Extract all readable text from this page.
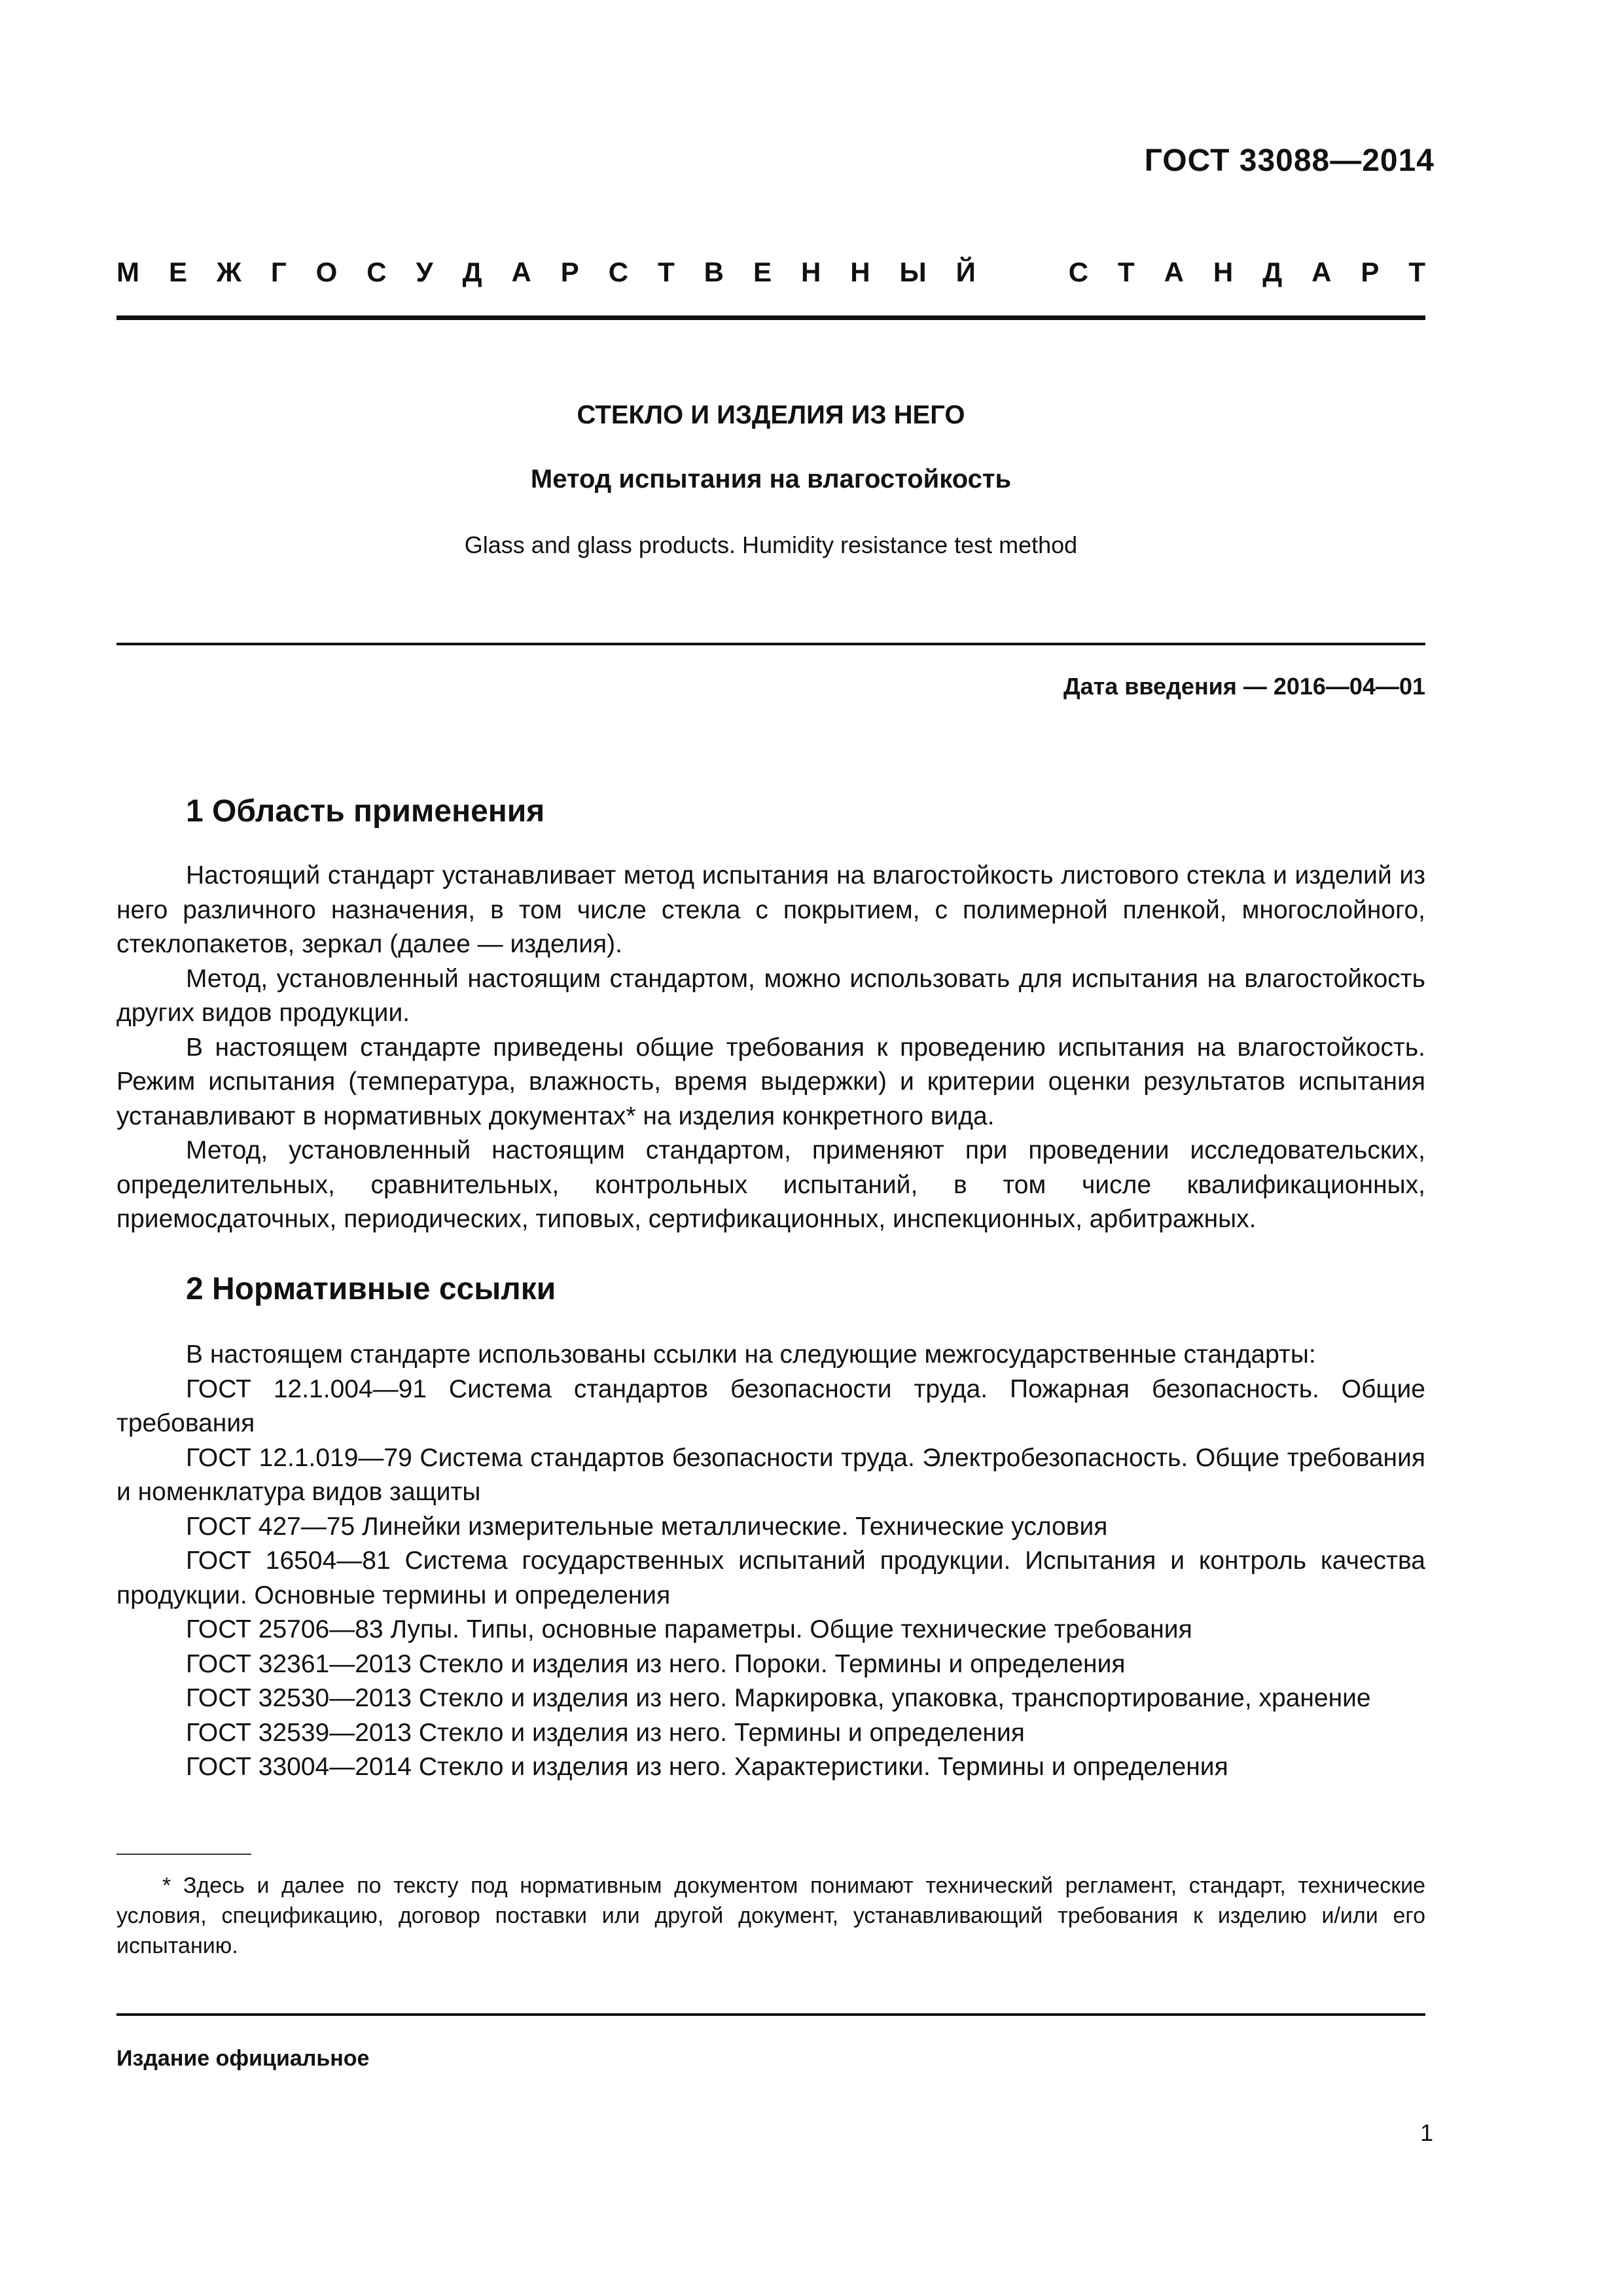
ГОСТ 33088—2014
М Е Ж Г О С У Д А Р С Т В Е Н Н Ы Й	С Т А Н Д А Р Т
СТЕКЛО И ИЗДЕЛИЯ ИЗ НЕГО
Метод испытания на влагостойкость
Glass and glass products. Humidity resistance test method
Дата введения — 2016—04—01
1 Область применения

Настоящий стандарт устанавливает метод испытания на влагостойкость листового стекла и изделий из него различного назначения, в том числе стекла с покрытием, с полимерной пленкой, многослойного, стеклопакетов, зеркал (далее — изделия).

Метод, установленный настоящим стандартом, можно использовать для испытания на влагостойкость других видов продукции.

В настоящем стандарте приведены общие требования к проведению испытания на влагостойкость. Режим испытания (температура, влажность, время выдержки) и критерии оценки результатов испытания устанавливают в нормативных документах* на изделия конкретного вида.

Метод, установленный настоящим стандартом, применяют при проведении исследовательских, определительных, сравнительных, контрольных испытаний, в том числе квалификационных, приемосдаточных, периодических, типовых, сертификационных, инспекционных, арбитражных.

2 Нормативные ссылки

В настоящем стандарте использованы ссылки на следующие межгосударственные стандарты:

ГОСТ 12.1.004—91 Система стандартов безопасности труда. Пожарная безопасность. Общие требования

ГОСТ 12.1.019—79 Система стандартов безопасности труда. Электробезопасность. Общие требования и номенклатура видов защиты

ГОСТ 427—75 Линейки измерительные металлические. Технические условия

ГОСТ 16504—81 Система государственных испытаний продукции. Испытания и контроль качества продукции. Основные термины и определения

ГОСТ 25706—83 Лупы. Типы, основные параметры. Общие технические требования

ГОСТ 32361—2013 Стекло и изделия из него. Пороки. Термины и определения

ГОСТ 32530—2013 Стекло и изделия из него. Маркировка, упаковка, транспортирование, хранение

ГОСТ 32539—2013 Стекло и изделия из него. Термины и определения

ГОСТ 33004—2014 Стекло и изделия из него. Характеристики. Термины и определения

* Здесь и далее по тексту под нормативным документом понимают технический регламент, стандарт, технические условия, спецификацию, договор поставки или другой документ, устанавливающий требования к изделию и/или его испытанию.

Издание официальное
1
